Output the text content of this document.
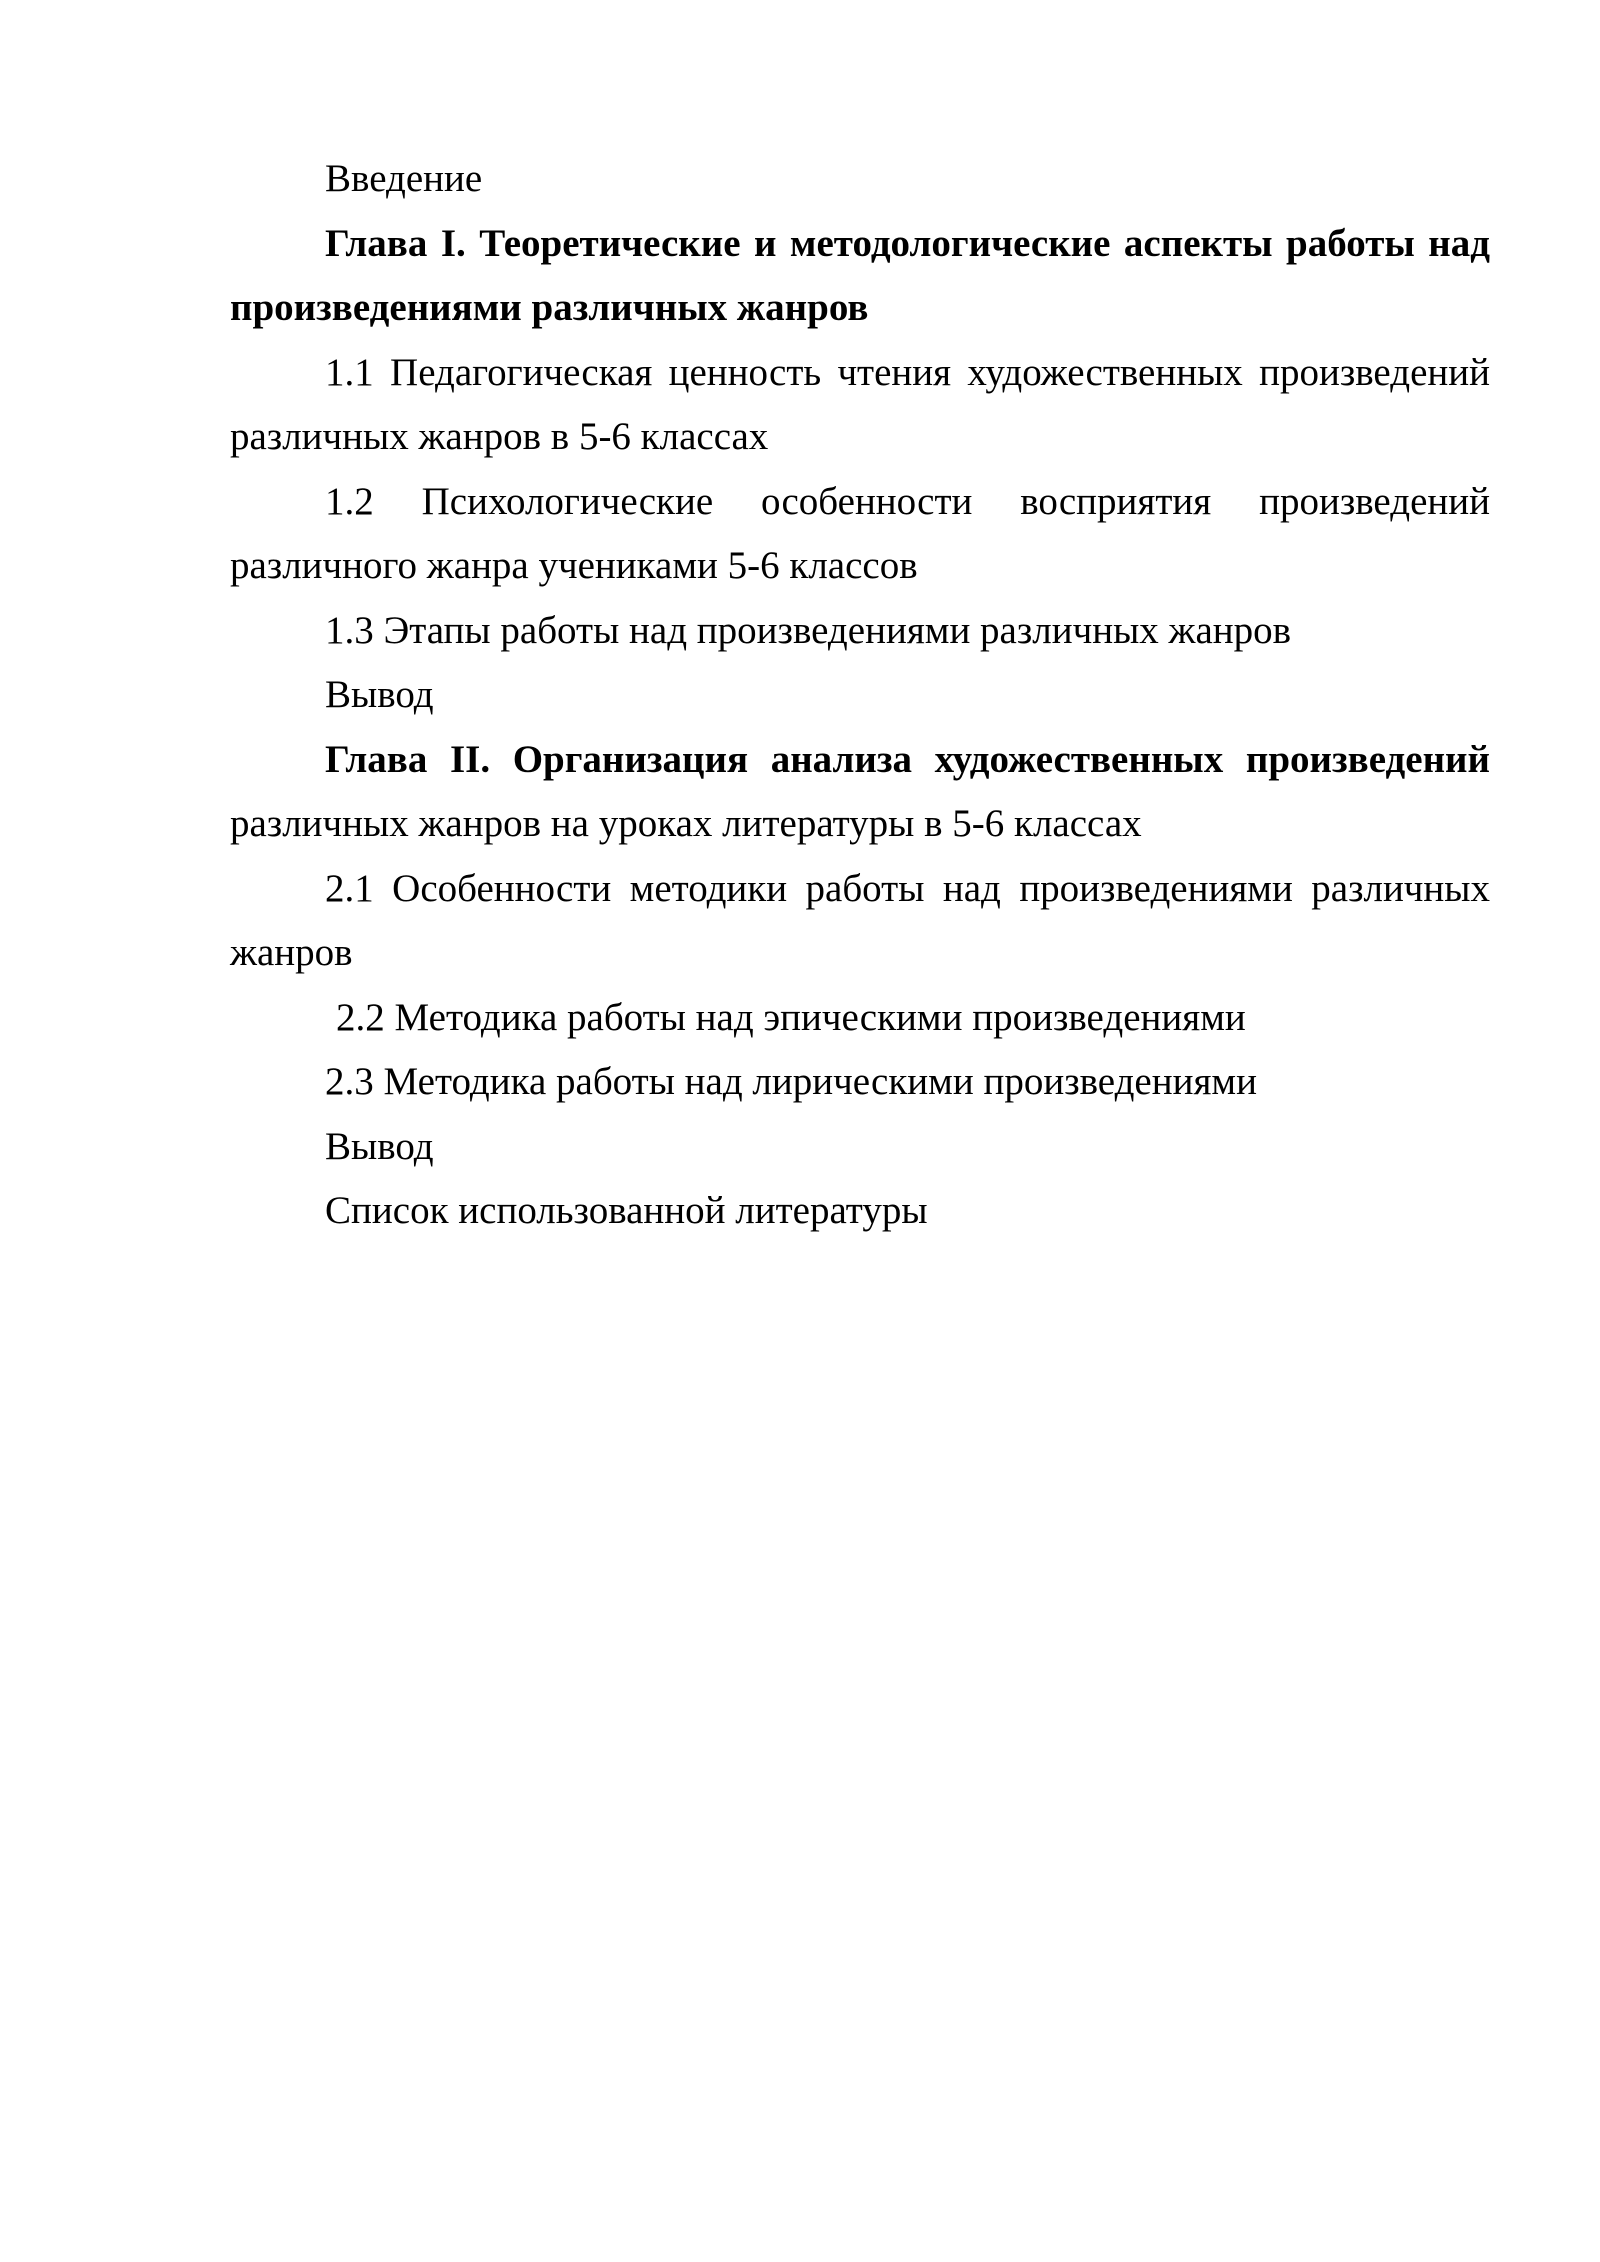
Введение
Глава I. Теоретические и методологические аспекты работы над
произведениями различных жанров
1.1 Педагогическая ценность чтения художественных произведений
различных жанров в 5-6 классах
1.2 Психологические особенности восприятия произведений
различного жанра учениками 5-6 классов
1.3 Этапы работы над произведениями различных жанров
Вывод
Глава II. Организация анализа художественных произведений
различных жанров на уроках литературы в 5-6 классах
2.1 Особенности методики работы над произведениями различных
жанров
2.2 Методика работы над эпическими произведениями
2.3 Методика работы над лирическими произведениями
Вывод
Список использованной литературы
